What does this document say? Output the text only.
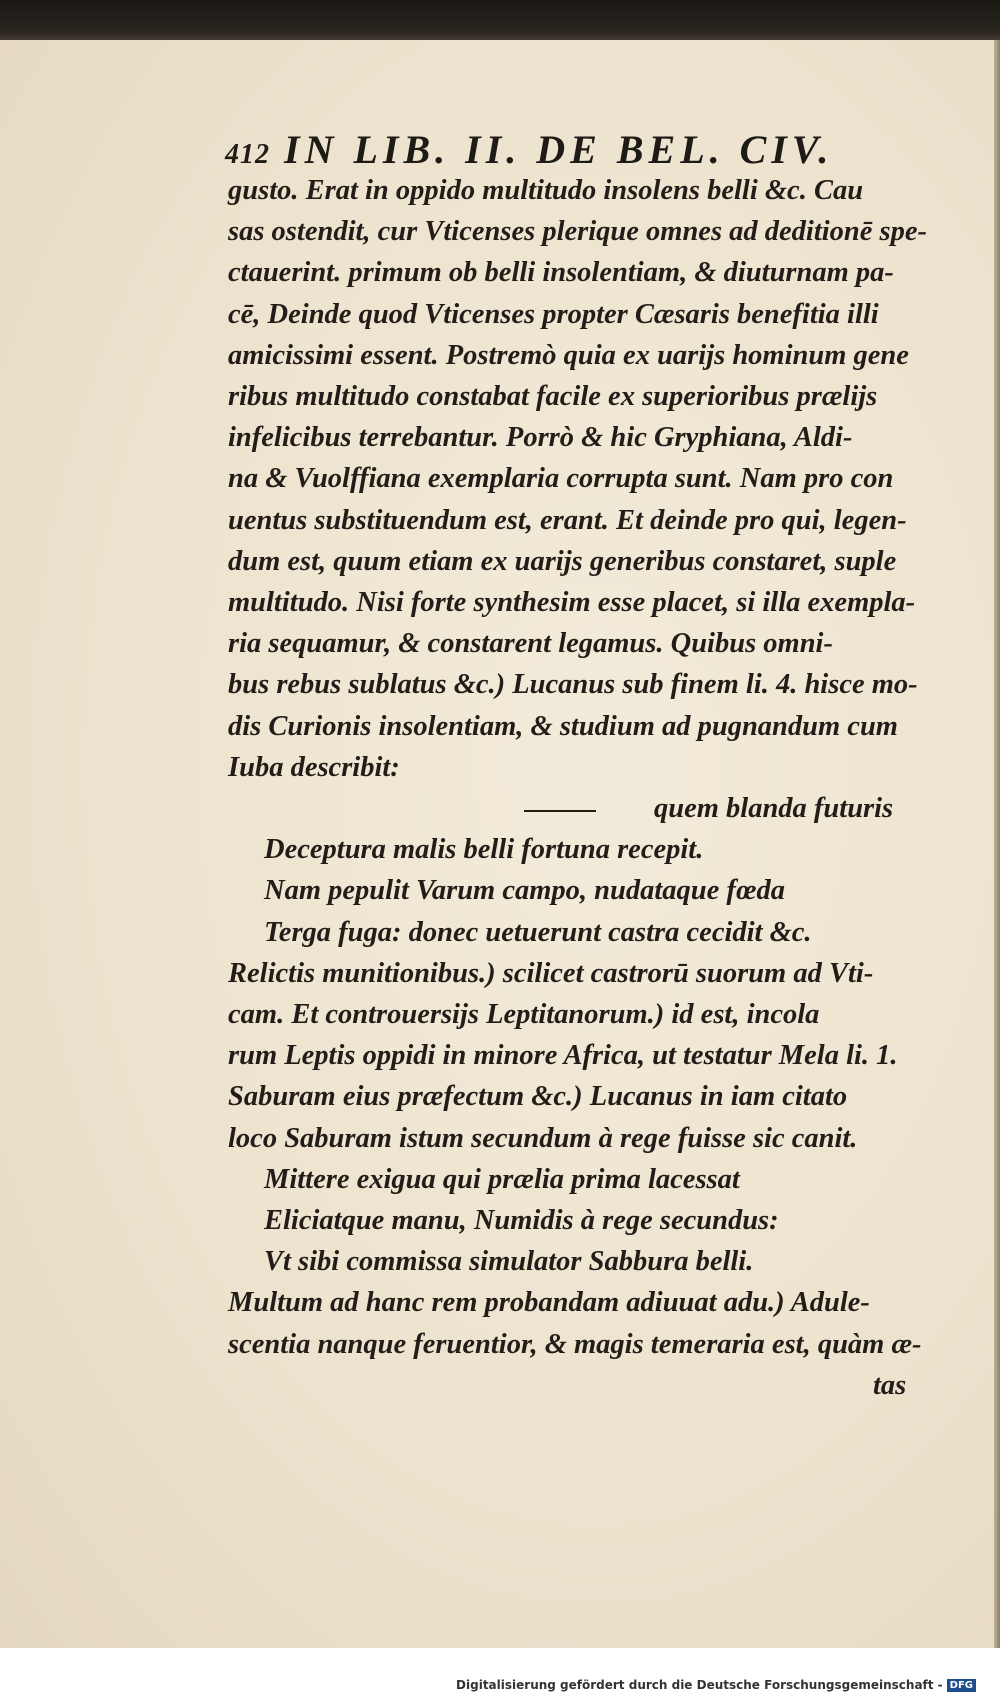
412 IN LIB. II. DE BEL. CIV.
gusto. Erat in oppido multitudo insolens belli &c. Cau
sas ostendit, cur Vticenses plerique omnes ad deditionē spe-
ctauerint. primum ob belli insolentiam, & diuturnam pa-
cē, Deinde quod Vticenses propter Cæsaris benefitia illi
amicissimi essent. Postremò quia ex uarijs hominum gene
ribus multitudo constabat facile ex superioribus prælijs
infelicibus terrebantur. Porrò & hic Gryphiana, Aldi-
na & Vuolffiana exemplaria corrupta sunt. Nam pro con
uentus substituendum est, erant. Et deinde pro qui, legen-
dum est, quum etiam ex uarijs generibus constaret, suple
multitudo. Nisi forte synthesim esse placet, si illa exempla-
ria sequamur, & constarent legamus. Quibus omni-
bus rebus sublatus &c.) Lucanus sub finem li. 4. hisce mo-
dis Curionis insolentiam, & studium ad pugnandum cum
Iuba describit:
quem blanda futuris
Deceptura malis belli fortuna recepit.
Nam pepulit Varum campo, nudataque fœda
Terga fuga: donec uetuerunt castra cecidit &c.
Relictis munitionibus.) scilicet castrorū suorum ad Vti-
cam. Et controuersijs Leptitanorum.) id est, incola
rum Leptis oppidi in minore Africa, ut testatur Mela li. 1.
Saburam eius præfectum &c.) Lucanus in iam citato
loco Saburam istum secundum à rege fuisse sic canit.
Mittere exigua qui prælia prima lacessat
Eliciatque manu, Numidis à rege secundus:
Vt sibi commissa simulator Sabbura belli.
Multum ad hanc rem probandam adiuuat adu.) Adule-
scentia nanque feruentior, & magis temeraria est, quàm æ-
tas
Digitalisierung gefördert durch die Deutsche Forschungsgemeinschaft - DFG
